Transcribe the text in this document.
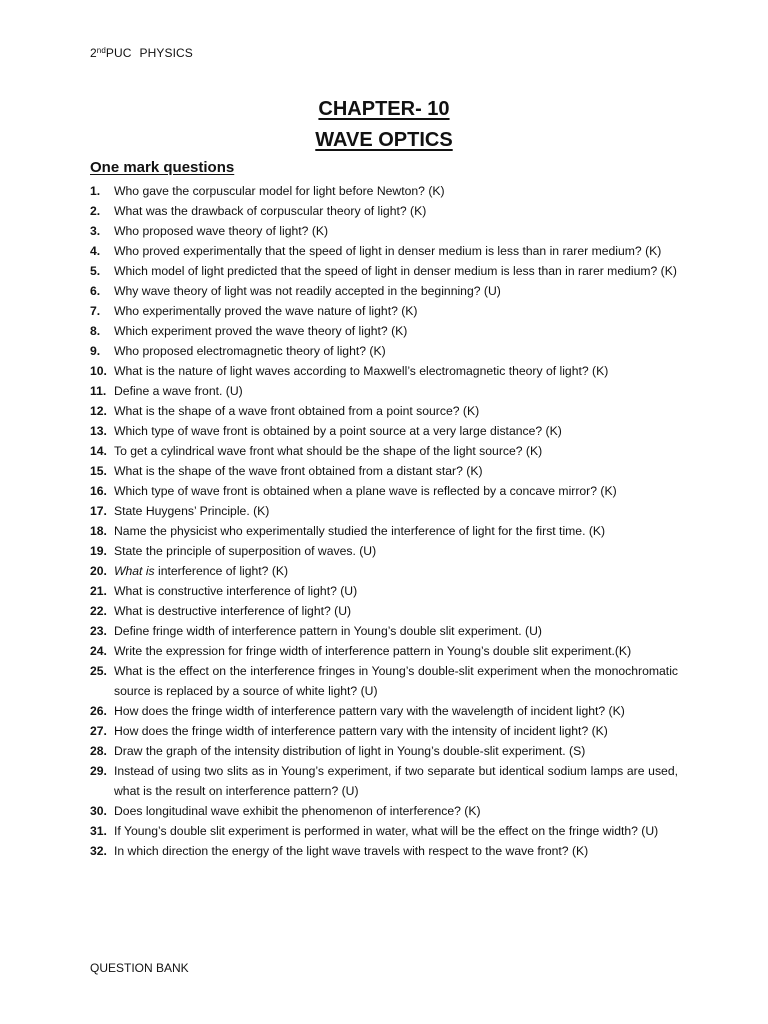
2ndPUC PHYSICS
CHAPTER- 10
WAVE OPTICS
One mark questions
1. Who gave the corpuscular model for light before Newton? (K)
2. What was the drawback of corpuscular theory of light? (K)
3. Who proposed wave theory of light? (K)
4. Who proved experimentally that the speed of light in denser medium is less than in rarer medium? (K)
5. Which model of light predicted that the speed of light in denser medium is less than in rarer medium? (K)
6. Why wave theory of light was not readily accepted in the beginning? (U)
7. Who experimentally proved the wave nature of light? (K)
8. Which experiment proved the wave theory of light? (K)
9. Who proposed electromagnetic theory of light? (K)
10. What is the nature of light waves according to Maxwell’s electromagnetic theory of light? (K)
11. Define a wave front. (U)
12. What is the shape of a wave front obtained from a point source? (K)
13. Which type of wave front is obtained by a point source at a very large distance? (K)
14. To get a cylindrical wave front what should be the shape of the light source? (K)
15. What is the shape of the wave front obtained from a distant star? (K)
16. Which type of wave front is obtained when a plane wave is reflected by a concave mirror? (K)
17. State Huygens’ Principle. (K)
18. Name the physicist who experimentally studied the interference of light for the first time. (K)
19. State the principle of superposition of waves. (U)
20. What is interference of light? (K)
21. What is constructive interference of light? (U)
22. What is destructive interference of light? (U)
23. Define fringe width of interference pattern in Young’s double slit experiment. (U)
24. Write the expression for fringe width of interference pattern in Young’s double slit experiment.(K)
25. What is the effect on the interference fringes in Young’s double-slit experiment when the monochromatic source is replaced by a source of white light? (U)
26. How does the fringe width of interference pattern vary with the wavelength of incident light? (K)
27. How does the fringe width of interference pattern vary with the intensity of incident light? (K)
28. Draw the graph of the intensity distribution of light in Young’s double-slit experiment. (S)
29. Instead of using two slits as in Young’s experiment, if two separate but identical sodium lamps are used, what is the result on interference pattern? (U)
30. Does longitudinal wave exhibit the phenomenon of interference? (K)
31. If Young’s double slit experiment is performed in water, what will be the effect on the fringe width? (U)
32. In which direction the energy of the light wave travels with respect to the wave front? (K)
QUESTION BANK
